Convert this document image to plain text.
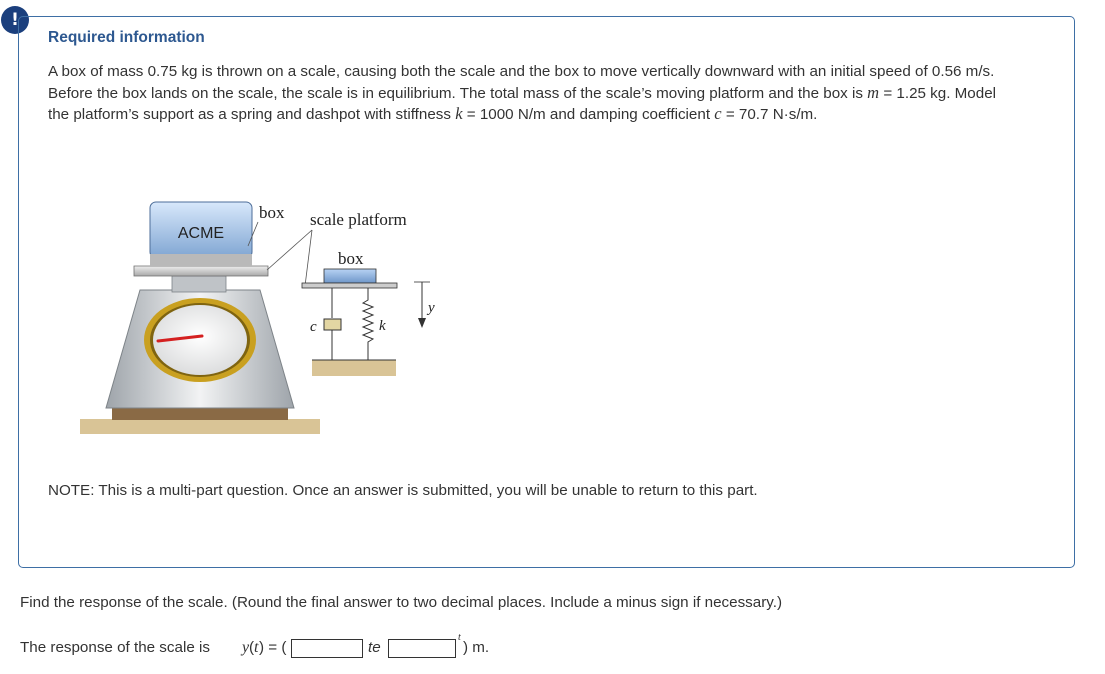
!
Required information
A box of mass 0.75 kg is thrown on a scale, causing both the scale and the box to move vertically downward with an initial speed of 0.56 m/s. Before the box lands on the scale, the scale is in equilibrium. The total mass of the scale’s moving platform and the box is m = 1.25 kg. Model the platform’s support as a spring and dashpot with stiffness k = 1000 N/m and damping coefficient c = 70.7 N·s/m.
ACME
box scale platform
box
c	k
y
NOTE: This is a multi-part question. Once an answer is submitted, you will be unable to return to this part.
Find the response of the scale. (Round the final answer to two decimal places. Include a minus sign if necessary.)
The response of the scale is y ( t ) = (	te
t
) m.
